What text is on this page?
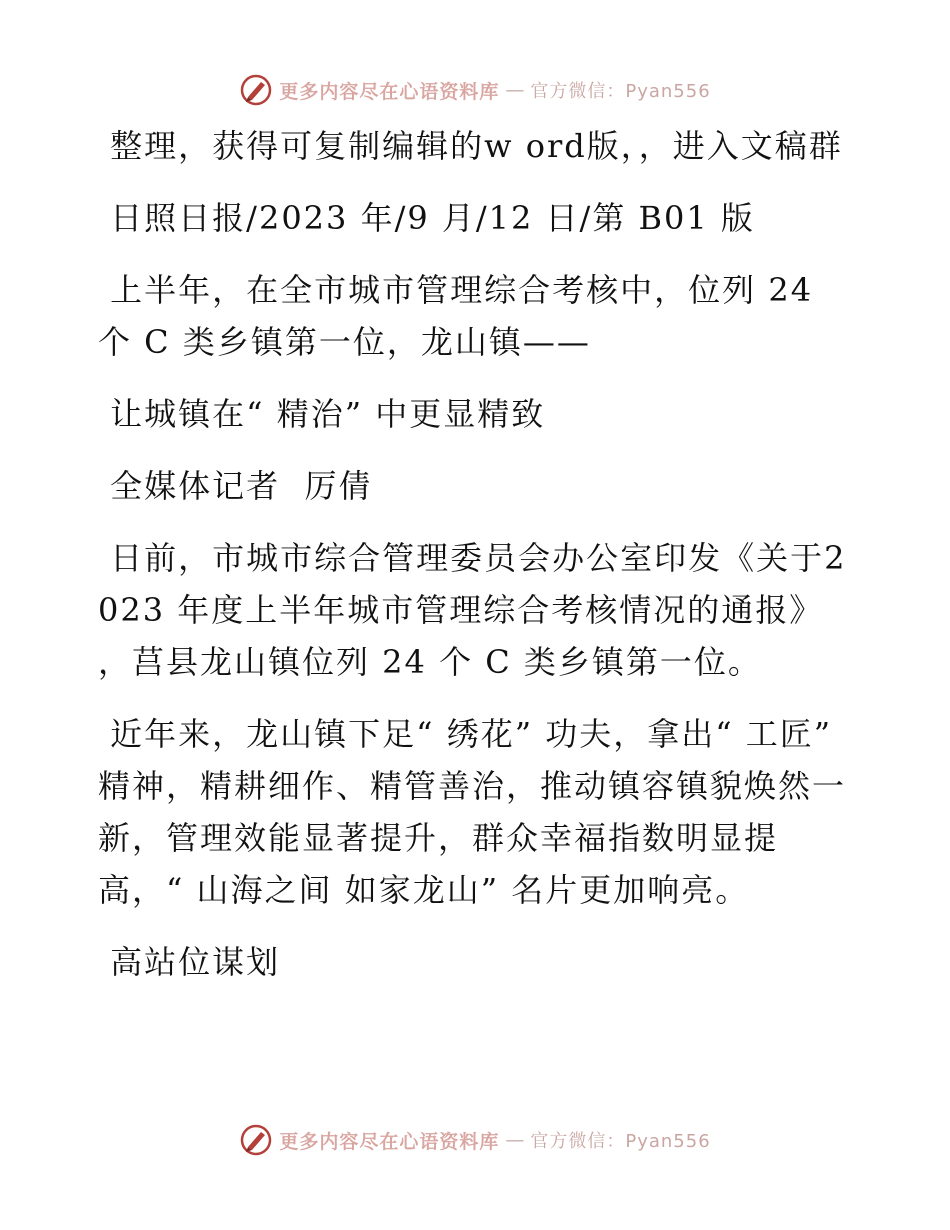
更多内容尽在心语资料库 — 官方微信：Pyan556

整理，获得可复制编辑的w ord版，，进入文稿群

日照日报/2023 年/9 月/12 日/第 B01 版

上半年，在全市城市管理综合考核中，位列 24 个 C 类乡镇第一位，龙山镇——

让城镇在“ 精治” 中更显精致

全媒体记者  厉倩

日前，市城市综合管理委员会办公室印发《关于2023 年度上半年城市管理综合考核情况的通报》 ，莒县龙山镇位列 24 个 C 类乡镇第一位。

近年来，龙山镇下足“ 绣花” 功夫，拿出“ 工匠” 精神，精耕细作、精管善治，推动镇容镇貌焕然一新，管理效能显著提升，群众幸福指数明显提高，“ 山海之间 如家龙山” 名片更加响亮。

高站位谋划

更多内容尽在心语资料库 — 官方微信：Pyan556
